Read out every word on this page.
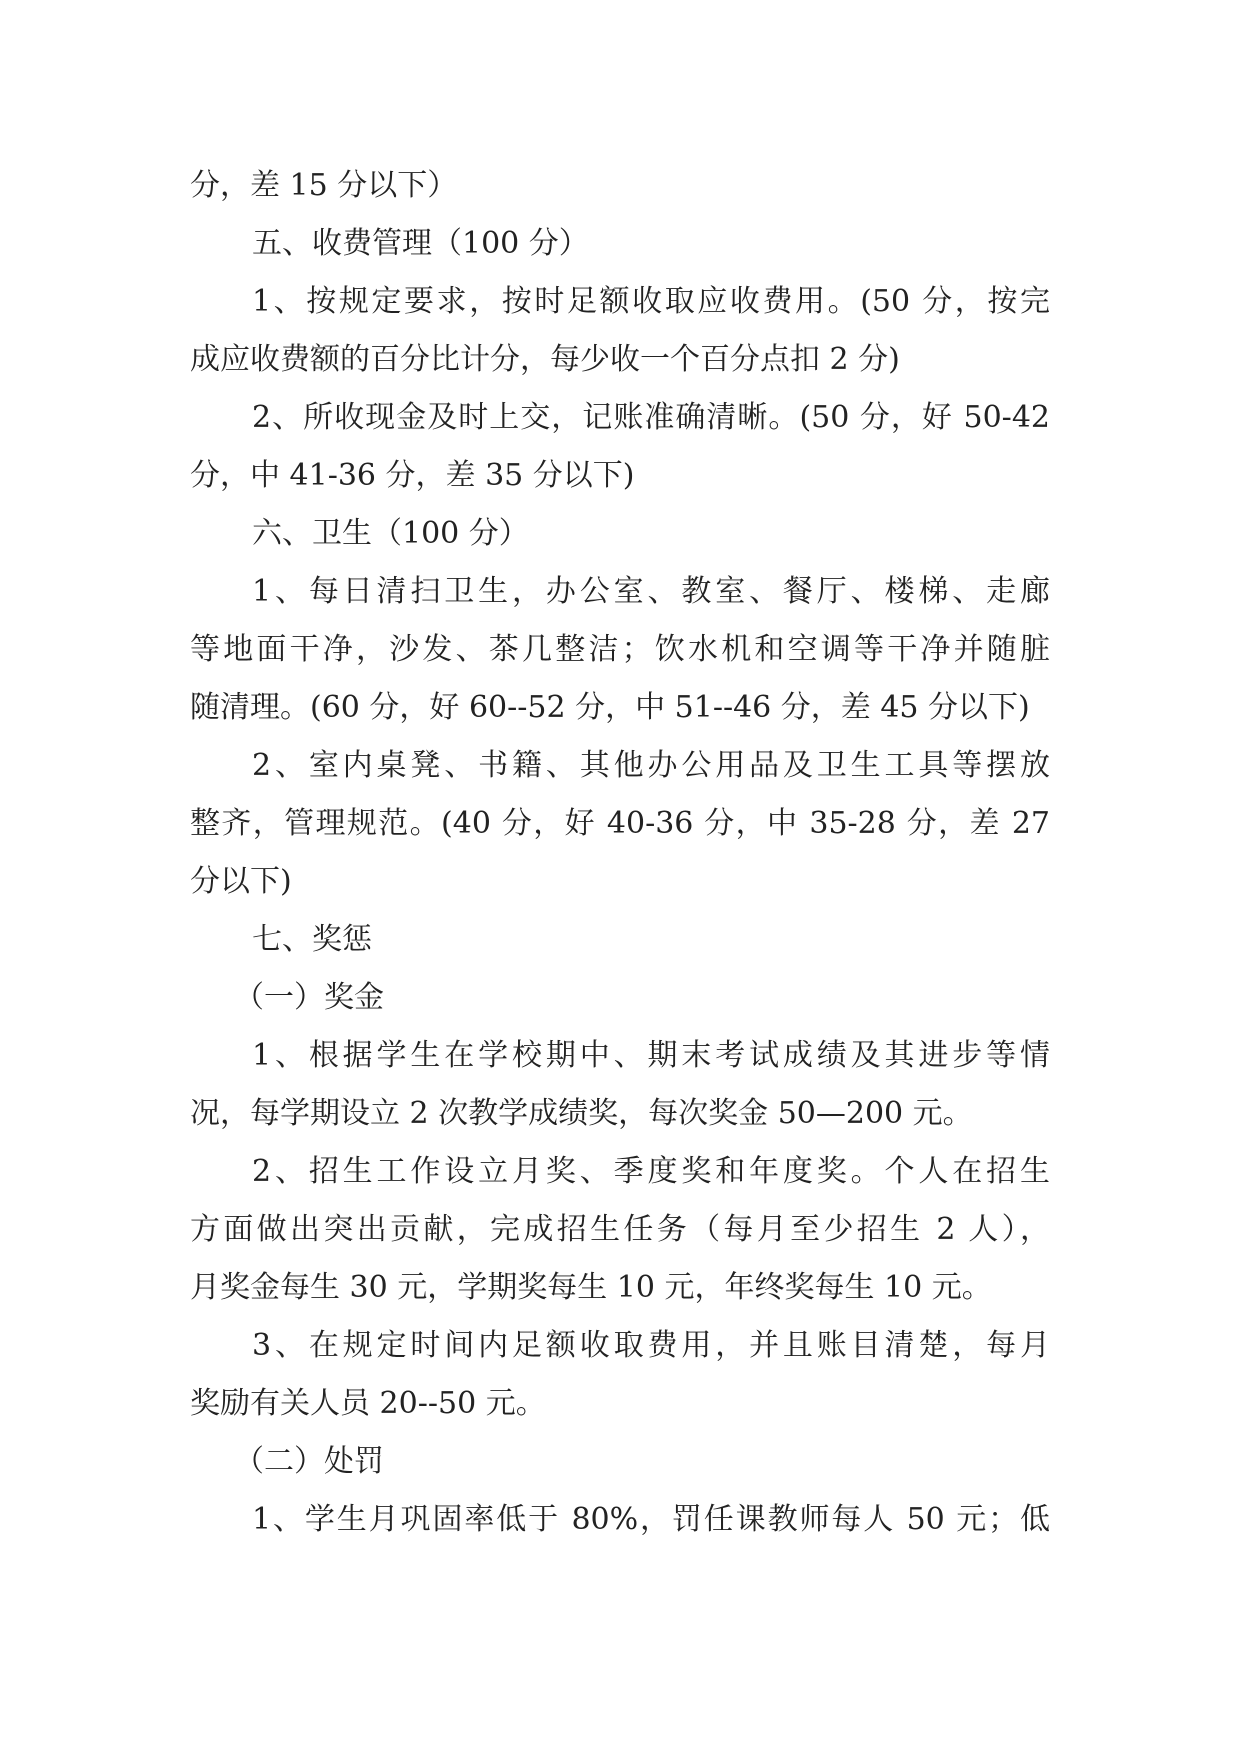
分，差 15 分以下）
五、收费管理（100 分）
1、按规定要求，按时足额收取应收费用。(50 分，按完
成应收费额的百分比计分，每少收一个百分点扣 2 分)
2、所收现金及时上交，记账准确清晰。(50 分，好 50-42
分，中 41-36 分，差 35 分以下)
六、卫生（100 分）
1、每日清扫卫生，办公室、教室、餐厅、楼梯、走廊
等地面干净，沙发、茶几整洁；饮水机和空调等干净并随脏
随清理。(60 分，好 60--52 分，中 51--46 分，差 45 分以下)
2、室内桌凳、书籍、其他办公用品及卫生工具等摆放
整齐，管理规范。(40 分，好 40-36 分，中 35-28 分，差 27
分以下)
七、奖惩
（一）奖金
1、根据学生在学校期中、期末考试成绩及其进步等情
况，每学期设立 2 次教学成绩奖，每次奖金 50—200 元。
2、招生工作设立月奖、季度奖和年度奖。个人在招生
方面做出突出贡献，完成招生任务（每月至少招生 2 人），
月奖金每生 30 元，学期奖每生 10 元，年终奖每生 10 元。
3、在规定时间内足额收取费用，并且账目清楚，每月
奖励有关人员 20--50 元。
（二）处罚
1、学生月巩固率低于 80%，罚任课教师每人 50 元；低
